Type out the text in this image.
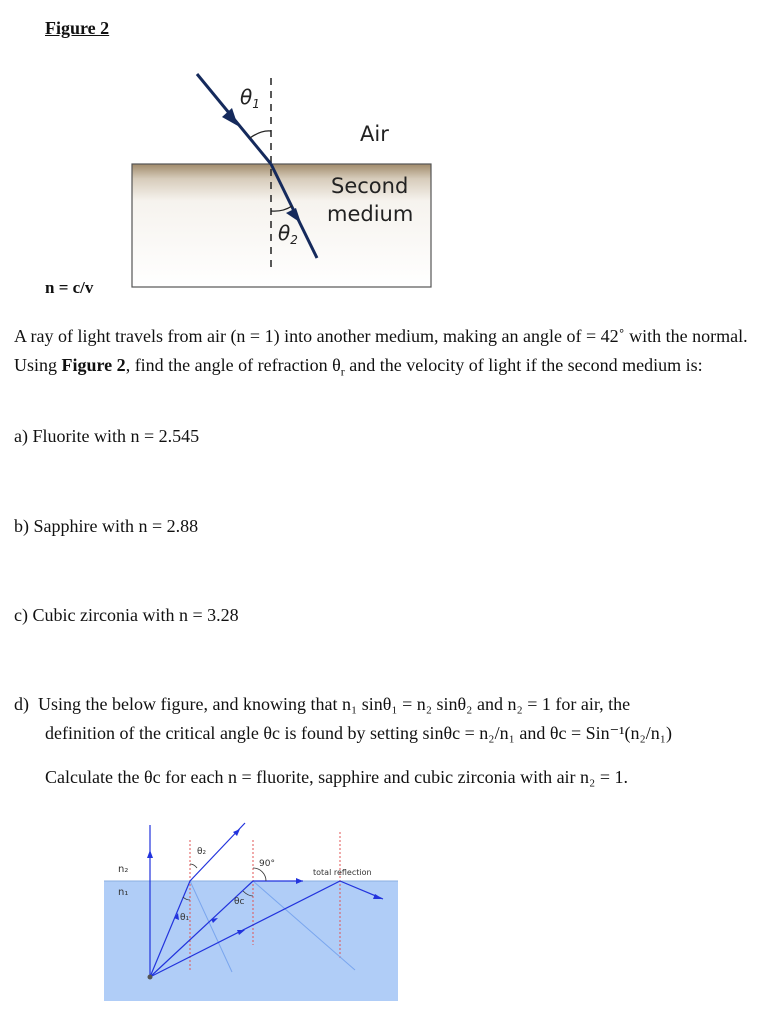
Figure 2
$\theta_1$
$\theta_2$
Air
Second
medium
n = c/v
A ray of light travels from air (n = 1) into another medium, making an angle of = 42˚ with the normal. Using Figure 2, find the angle of refraction $\theta_r$ and the velocity of light if the second medium is:
a) Fluorite with n = 2.545
b) Sapphire with n = 2.88
c) Cubic zirconia with n = 3.28
d) Using the below figure, and knowing that n₁ sinθ₁ = n₂ sinθ₂ and n₂ = 1 for air, the
definition of the critical angle θc is found by setting sinθc = n₂/n₁ and θc = Sin⁻¹(n₂/n₁)
Calculate the θc for each n = fluorite, sapphire and cubic zirconia with air n₂ = 1.
n₂
n₁
θ₁
θ₂
θc
90°
total reflection
